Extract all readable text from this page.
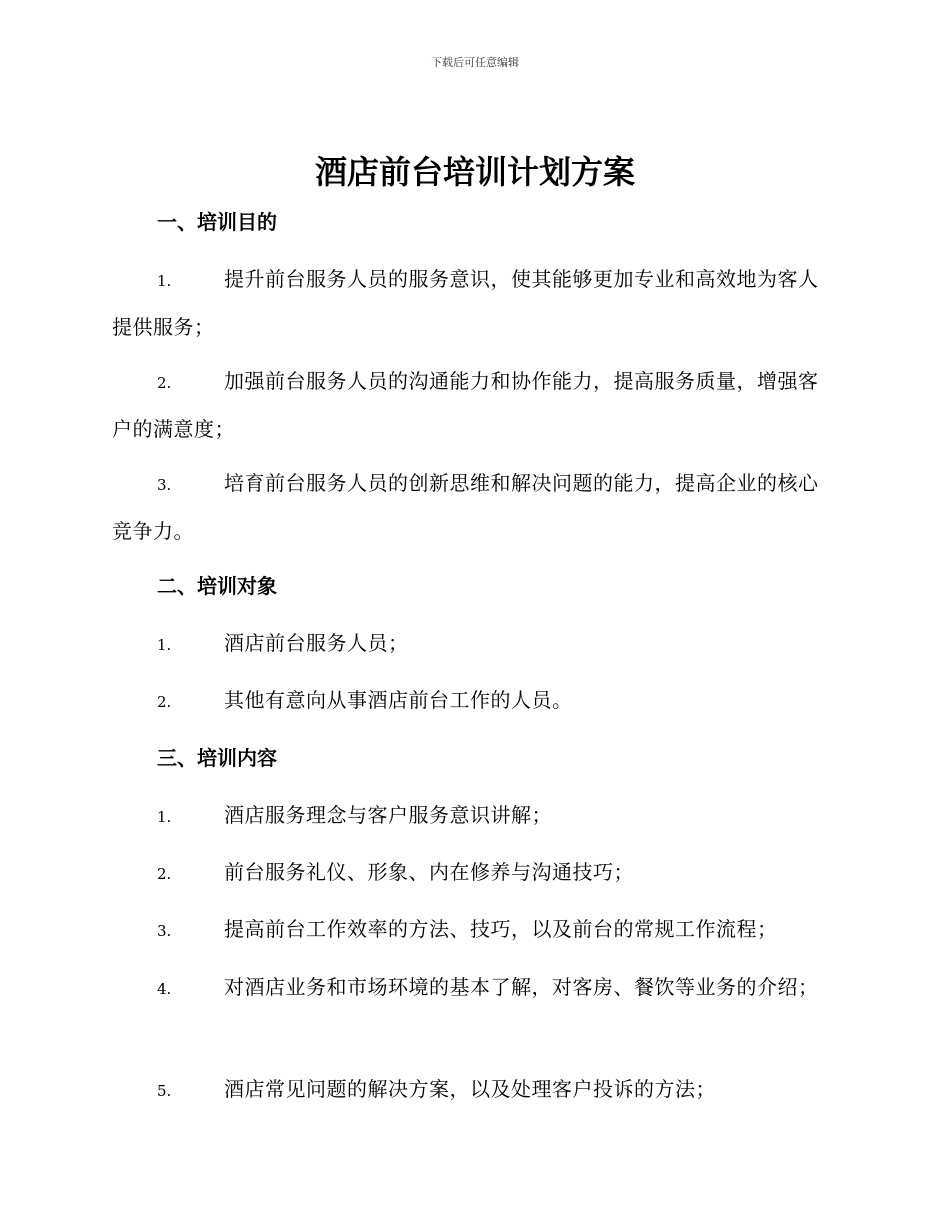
下载后可任意编辑
酒店前台培训计划方案
一、培训目的

1.	提升前台服务人员的服务意识，使其能够更加专业和高效地为客人提供服务；

2.	加强前台服务人员的沟通能力和协作能力，提高服务质量，增强客户的满意度；

3.	培育前台服务人员的创新思维和解决问题的能力，提高企业的核心竞争力。

二、培训对象

1.	酒店前台服务人员；

2.	其他有意向从事酒店前台工作的人员。

三、培训内容

1.	酒店服务理念与客户服务意识讲解；

2.	前台服务礼仪、形象、内在修养与沟通技巧；

3.	提高前台工作效率的方法、技巧，以及前台的常规工作流程；

4.	对酒店业务和市场环境的基本了解，对客房、餐饮等业务的介绍；

5.	酒店常见问题的解决方案，以及处理客户投诉的方法；
